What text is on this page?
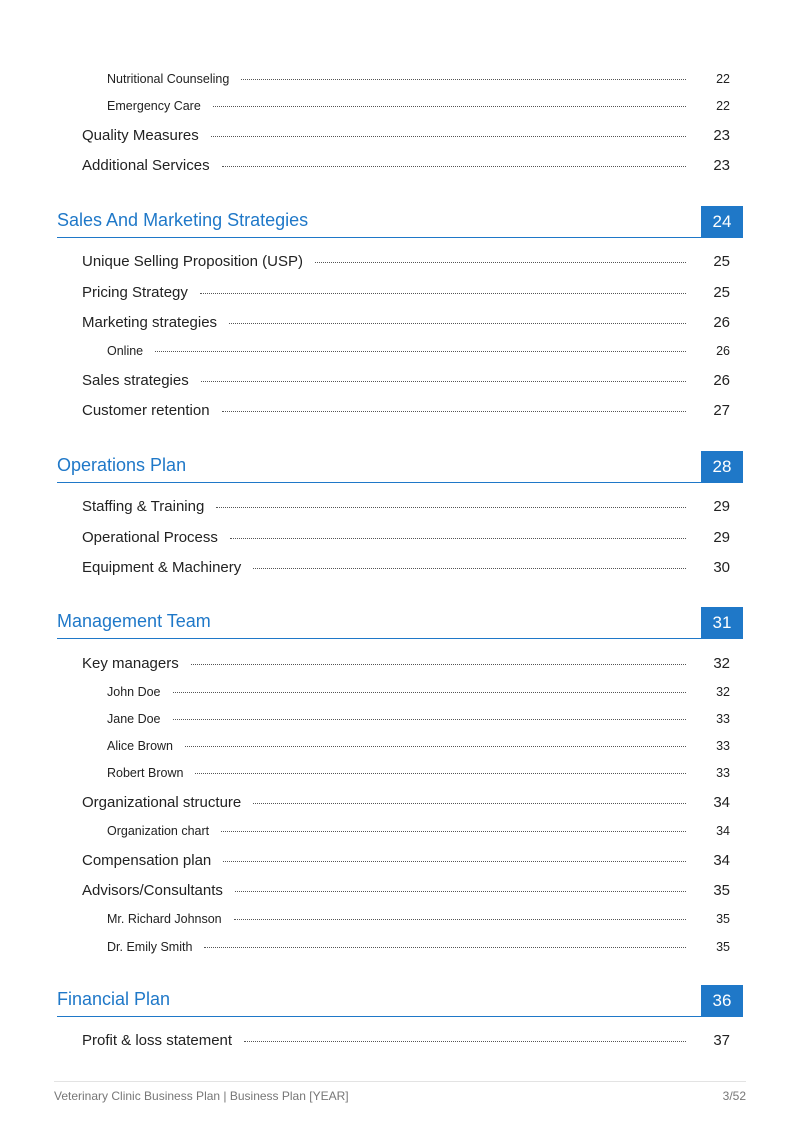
Nutritional Counseling	22
Emergency Care	22
Quality Measures	23
Additional Services	23
Sales And Marketing Strategies	24
Unique Selling Proposition (USP)	25
Pricing Strategy	25
Marketing strategies	26
Online	26
Sales strategies	26
Customer retention	27
Operations Plan	28
Staffing & Training	29
Operational Process	29
Equipment & Machinery	30
Management Team	31
Key managers	32
John Doe	32
Jane Doe	33
Alice Brown	33
Robert Brown	33
Organizational structure	34
Organization chart	34
Compensation plan	34
Advisors/Consultants	35
Mr. Richard Johnson	35
Dr. Emily Smith	35
Financial Plan	36
Profit & loss statement	37
Veterinary Clinic Business Plan | Business Plan [YEAR]	3/52
